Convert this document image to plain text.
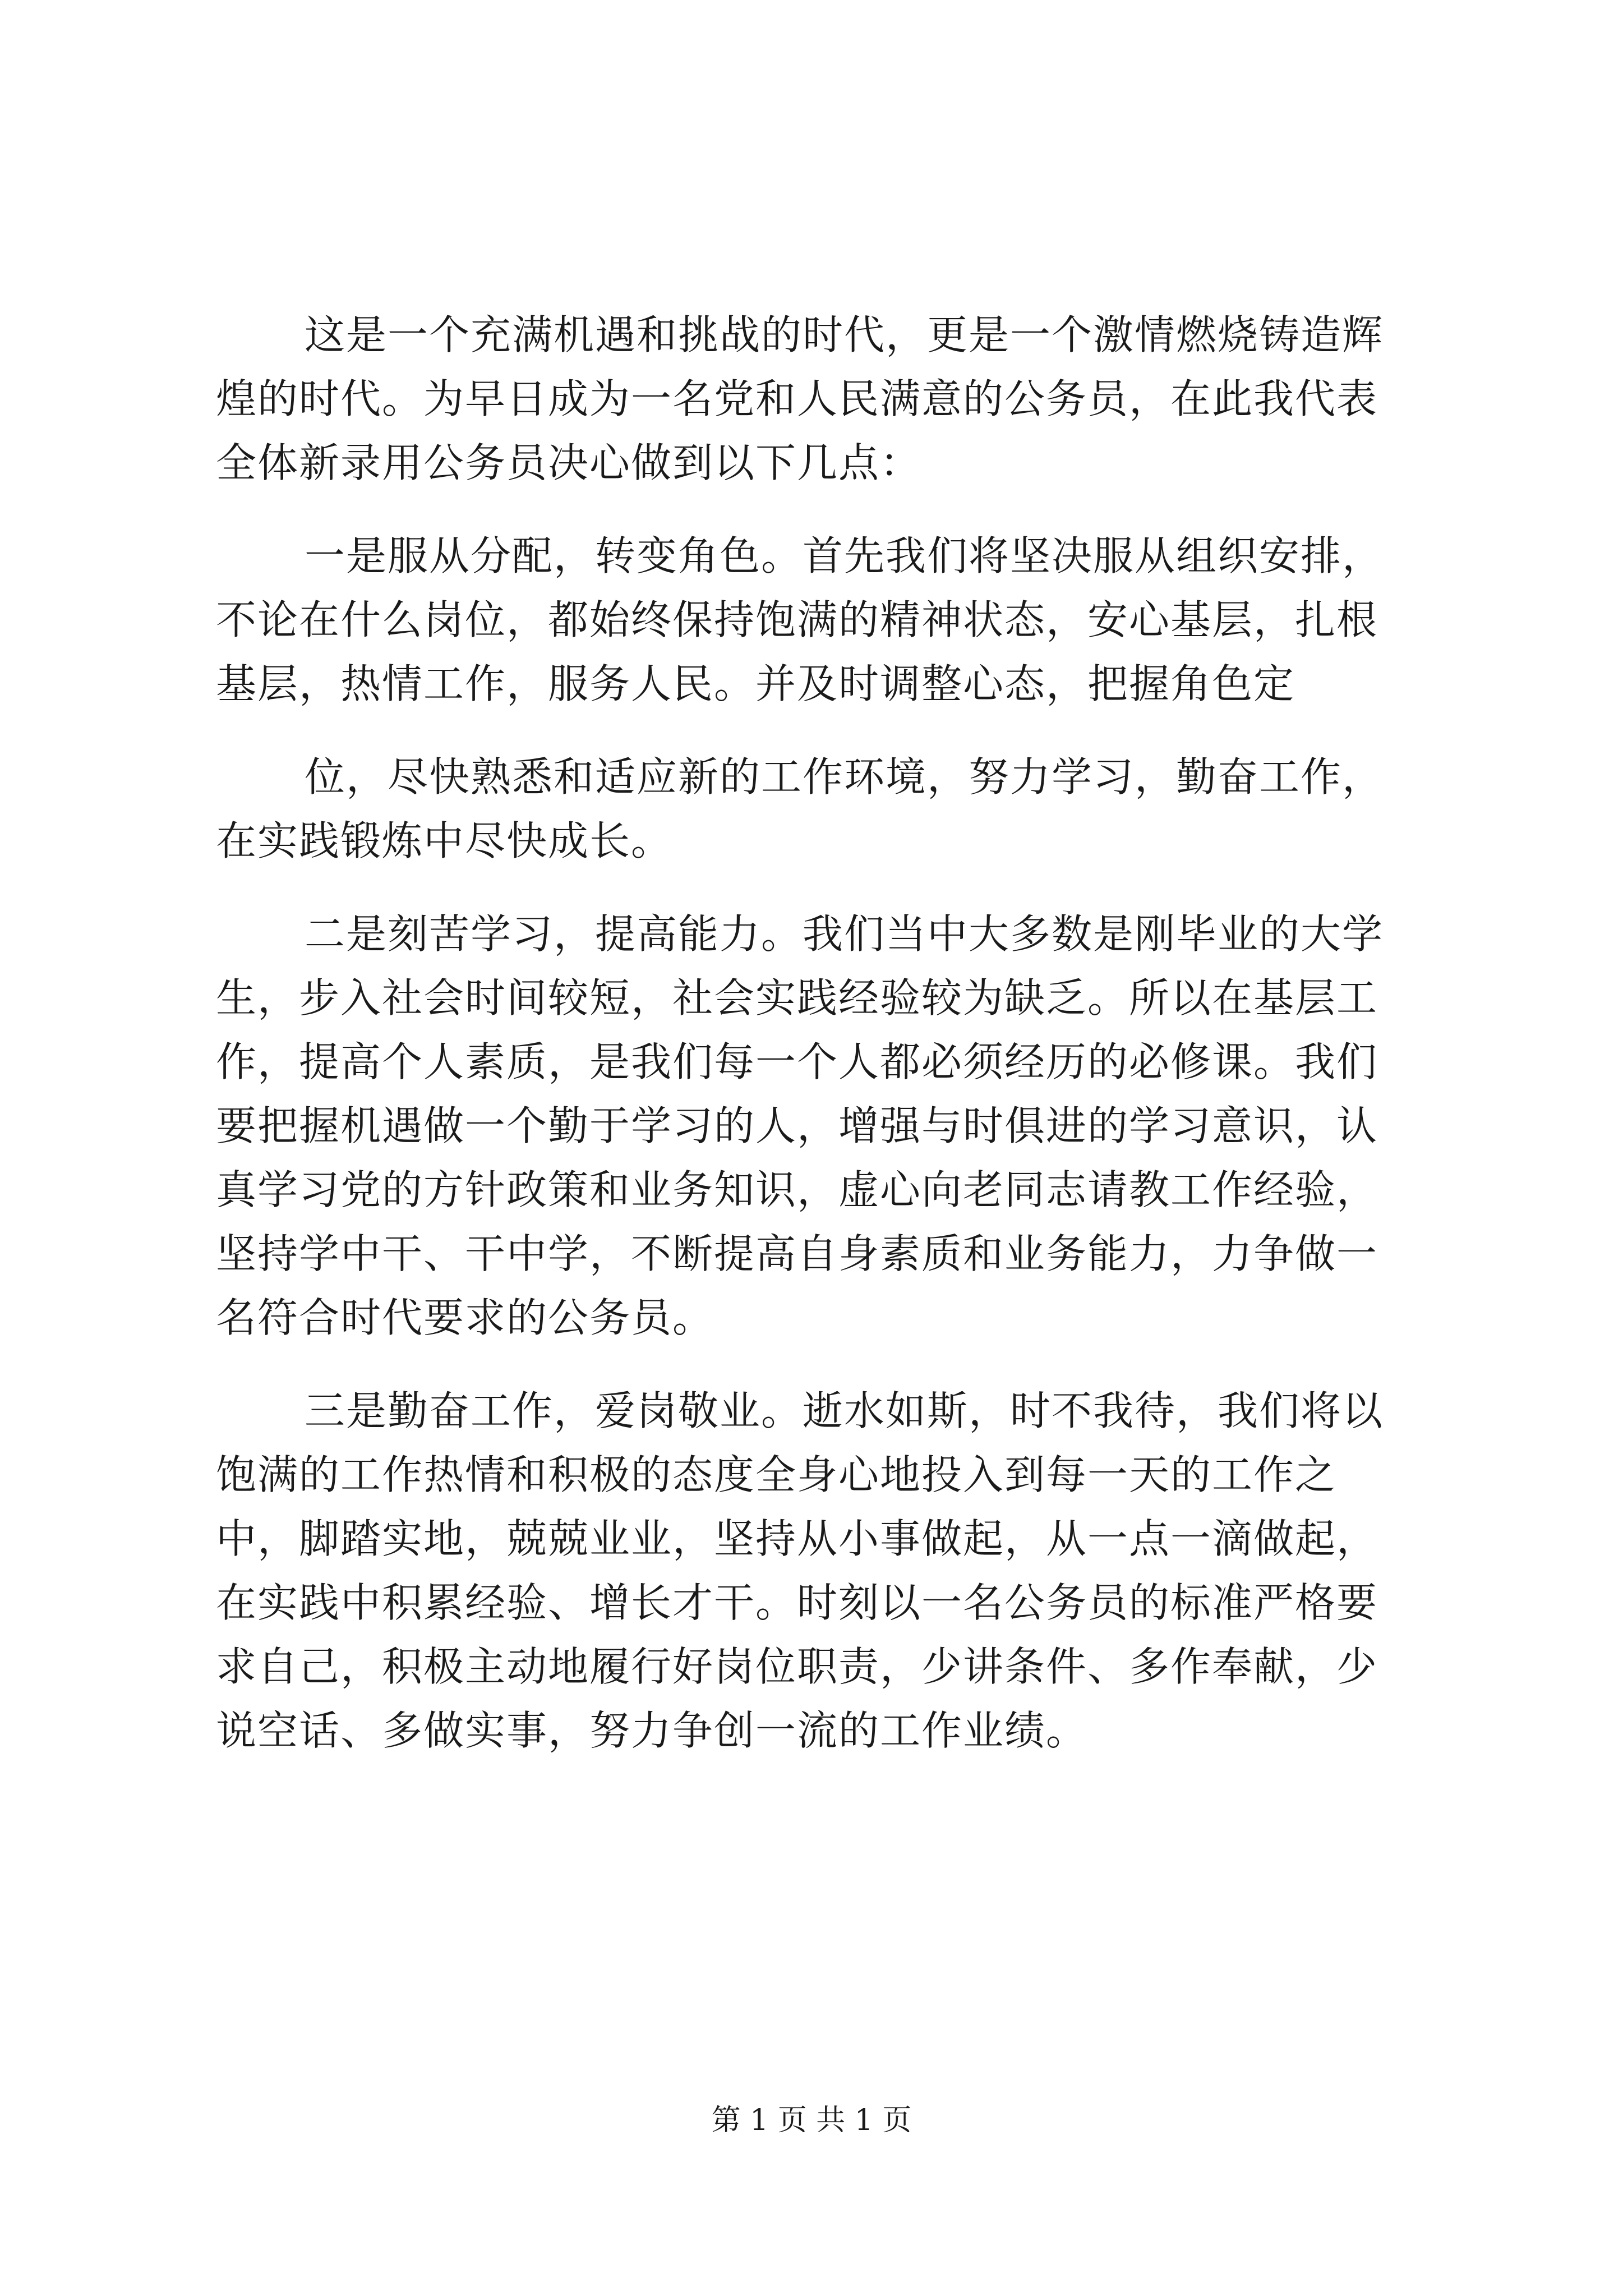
这是一个充满机遇和挑战的时代，更是一个激情燃烧铸造辉
煌的时代。为早日成为一名党和人民满意的公务员，在此我代表
全体新录用公务员决心做到以下几点：
一是服从分配，转变角色。首先我们将坚决服从组织安排，
不论在什么岗位，都始终保持饱满的精神状态，安心基层，扎根
基层，热情工作，服务人民。并及时调整心态，把握角色定
位，尽快熟悉和适应新的工作环境，努力学习，勤奋工作，
在实践锻炼中尽快成长。
二是刻苦学习，提高能力。我们当中大多数是刚毕业的大学
生，步入社会时间较短，社会实践经验较为缺乏。所以在基层工
作，提高个人素质，是我们每一个人都必须经历的必修课。我们
要把握机遇做一个勤于学习的人，增强与时俱进的学习意识，认
真学习党的方针政策和业务知识，虚心向老同志请教工作经验，
坚持学中干、干中学，不断提高自身素质和业务能力，力争做一
名符合时代要求的公务员。
三是勤奋工作，爱岗敬业。逝水如斯，时不我待，我们将以
饱满的工作热情和积极的态度全身心地投入到每一天的工作之
中，脚踏实地，兢兢业业，坚持从小事做起，从一点一滴做起，
在实践中积累经验、增长才干。时刻以一名公务员的标准严格要
求自己，积极主动地履行好岗位职责，少讲条件、多作奉献，少
说空话、多做实事，努力争创一流的工作业绩。
第 1 页 共 1 页
